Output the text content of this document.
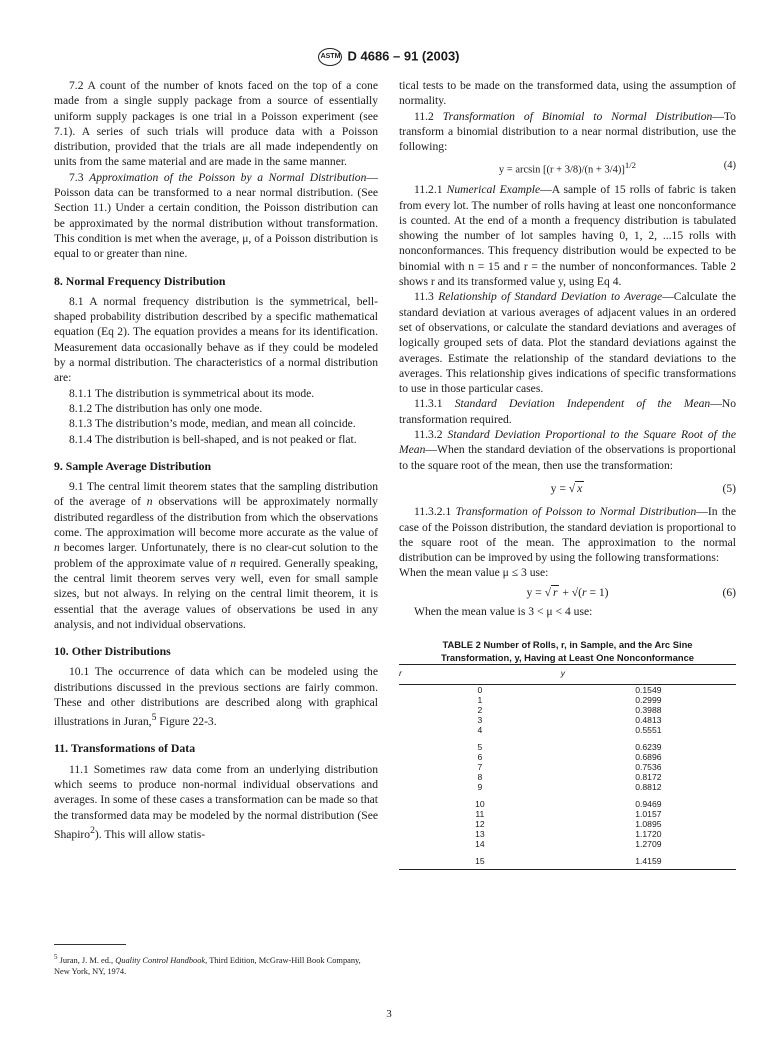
ASTM D 4686 – 91 (2003)

7.2 A count of the number of knots faced on the top of a cone made from a single supply package from a source of essentially uniform supply packages is one trial in a Poisson experiment (see 7.1). A series of such trials will produce data with a Poisson distribution, provided that the trials are all made independently on units from the same material and are made in the same manner.

7.3 Approximation of the Poisson by a Normal Distribution—Poisson data can be transformed to a near normal distribution. (See Section 11.) Under a certain condition, the Poisson distribution can be approximated by the normal distribution without transformation. This condition is met when the average, μ, of a Poisson distribution is equal to or greater than nine.

8. Normal Frequency Distribution

8.1 A normal frequency distribution is the symmetrical, bell-shaped probability distribution described by a specific mathematical equation (Eq 2). The equation provides a means for its identification. Measurement data occasionally behave as if they could be modeled by a normal distribution. The characteristics of a normal distribution are:

8.1.1 The distribution is symmetrical about its mode.

8.1.2 The distribution has only one mode.

8.1.3 The distribution’s mode, median, and mean all coincide.

8.1.4 The distribution is bell-shaped, and is not peaked or flat.

9. Sample Average Distribution

9.1 The central limit theorem states that the sampling distribution of the average of n observations will be approximately normally distributed regardless of the distribution from which the observations come. The approximation will become more accurate as the value of n becomes larger. Unfortunately, there is no clear-cut solution to the problem of the approximate value of n required. Generally speaking, the central limit theorem serves very well, even for small sample sizes, but not always. In relying on the central limit theorem, it is essential that the average values of observations be used in any analysis, and not individual observations.

10. Other Distributions

10.1 The occurrence of data which can be modeled using the distributions discussed in the previous sections are fairly common. These and other distributions are described along with graphical illustrations in Juran,$^5$ Figure 22-3.

11. Transformations of Data

11.1 Sometimes raw data come from an underlying distribution which seems to produce non-normal individual observations and averages. In some of these cases a transformation can be made so that the transformed data may be modeled by the normal distribution (See Shapiro$^2$). This will allow statis-

tical tests to be made on the transformed data, using the assumption of normality.

11.2 Transformation of Binomial to Normal Distribution—To transform a binomial distribution to a near normal distribution, use the following:

$y = \arcsin [(r + 3/8)/(n + 3/4)]^{1/2}$	(4)

11.2.1 Numerical Example—A sample of 15 rolls of fabric is taken from every lot. The number of rolls having at least one nonconformance is counted. At the end of a month a frequency distribution is tabulated showing the number of lot samples having 0, 1, 2, ...15 rolls with nonconformances. This frequency distribution would be expected to be binomial with n = 15 and r = the number of nonconformances. Table 2 shows r and its transformed value y, using Eq 4.

11.3 Relationship of Standard Deviation to Average—Calculate the standard deviation at various averages of adjacent values in an ordered set of observations, or calculate the standard deviations and averages of logically grouped sets of data. Plot the standard deviations against the averages. Estimate the relationship of the standard deviations to the averages. This relationship gives indications of specific transformations to use in those particular cases.

11.3.1 Standard Deviation Independent of the Mean—No transformation required.

11.3.2 Standard Deviation Proportional to the Square Root of the Mean—When the standard deviation of the observations is proportional to the square root of the mean, then use the transformation:

y = √ x	(5)

11.3.2.1 Transformation of Poisson to Normal Distribution—In the case of the Poisson distribution, the standard deviation is proportional to the square root of the mean. The approximation to the normal distribution can be improved by using the following transformations:

When the mean value μ ≤ 3 use:

y = √ r + √(r = 1)	(6)

When the mean value is 3 < μ < 4 use:

TABLE 2 Number of Rolls, r, in Sample, and the Arc Sine
Transformation, y, Having at Least One Nonconformance
r	y
0	0.1549
1	0.2999
2	0.3988
3	0.4813
4	0.5551
5	0.6239
6	0.6896
7	0.7536
8	0.8172
9	0.8812
10	0.9469
11	1.0157
12	1.0895
13	1.1720
14	1.2709
15	1.4159
$^5$ Juran, J. M. ed., Quality Control Handbook, Third Edition, McGraw-Hill Book Company, New York, NY, 1974.
3
